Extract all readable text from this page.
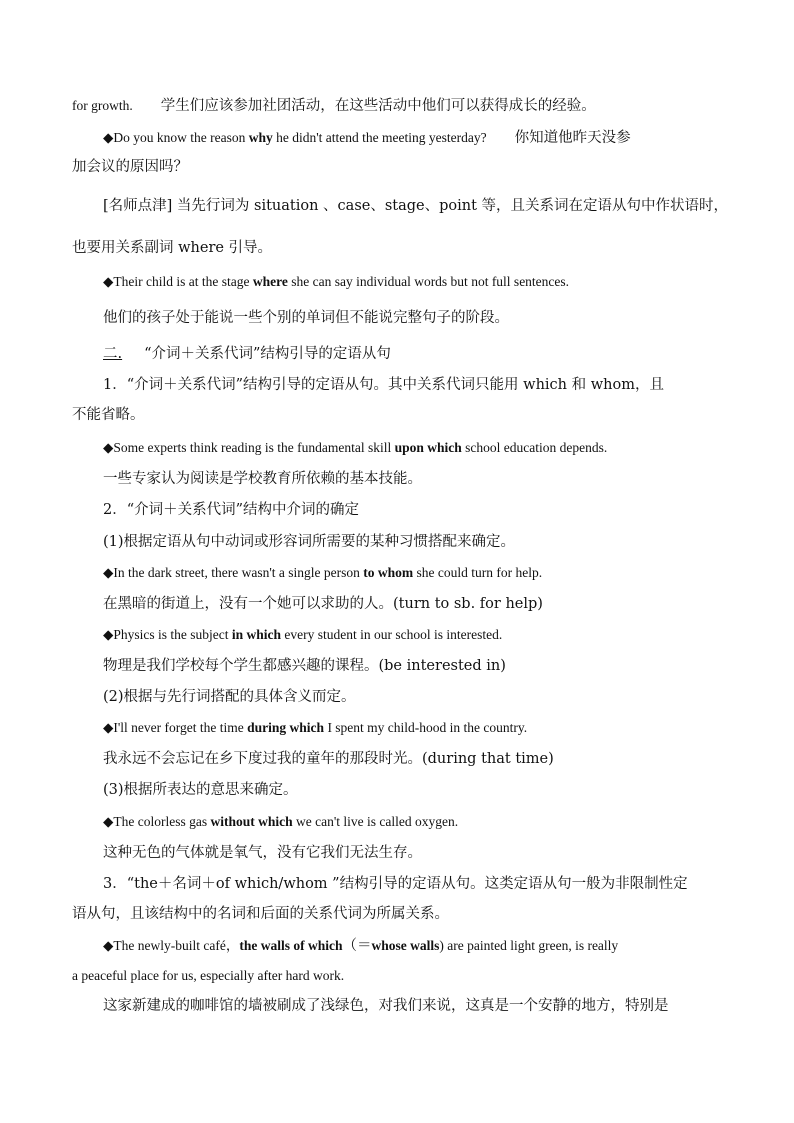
for growth. 学生们应该参加社团活动，在这些活动中他们可以获得成长的经验。
◆Do you know the reason why he didn't attend the meeting yesterday? 你知道他昨天没参
加会议的原因吗？
[名师点津] 当先行词为 situation 、case、stage、point 等，且关系词在定语从句中作状语时，
也要用关系副词 where 引导。
◆Their child is at the stage where she can say individual words but not full sentences.
他们的孩子处于能说一些个别的单词但不能说完整句子的阶段。
二. “介词＋关系代词”结构引导的定语从句
1．“介词＋关系代词”结构引导的定语从句。其中关系代词只能用 which 和 whom，且
不能省略。
◆Some experts think reading is the fundamental skill upon which school education depends.
一些专家认为阅读是学校教育所依赖的基本技能。
2．“介词＋关系代词”结构中介词的确定
(1)根据定语从句中动词或形容词所需要的某种习惯搭配来确定。
◆In the dark street, there wasn't a single person to whom she could turn for help.
在黑暗的街道上，没有一个她可以求助的人。(turn to sb. for help)
◆Physics is the subject in which every student in our school is interested.
物理是我们学校每个学生都感兴趣的课程。(be interested in)
(2)根据与先行词搭配的具体含义而定。
◆I'll never forget the time during which I spent my child-hood in the country.
我永远不会忘记在乡下度过我的童年的那段时光。(during that time)
(3)根据所表达的意思来确定。
◆The colorless gas without which we can't live is called oxygen.
这种无色的气体就是氧气，没有它我们无法生存。
3．“the＋名词＋of which/whom ”结构引导的定语从句。这类定语从句一般为非限制性定
语从句，且该结构中的名词和后面的关系代词为所属关系。
◆The newly-built café，the walls of which（＝whose walls) are painted light green, is really
a peaceful place for us, especially after hard work.
这家新建成的咖啡馆的墙被刷成了浅绿色，对我们来说，这真是一个安静的地方，特别是
